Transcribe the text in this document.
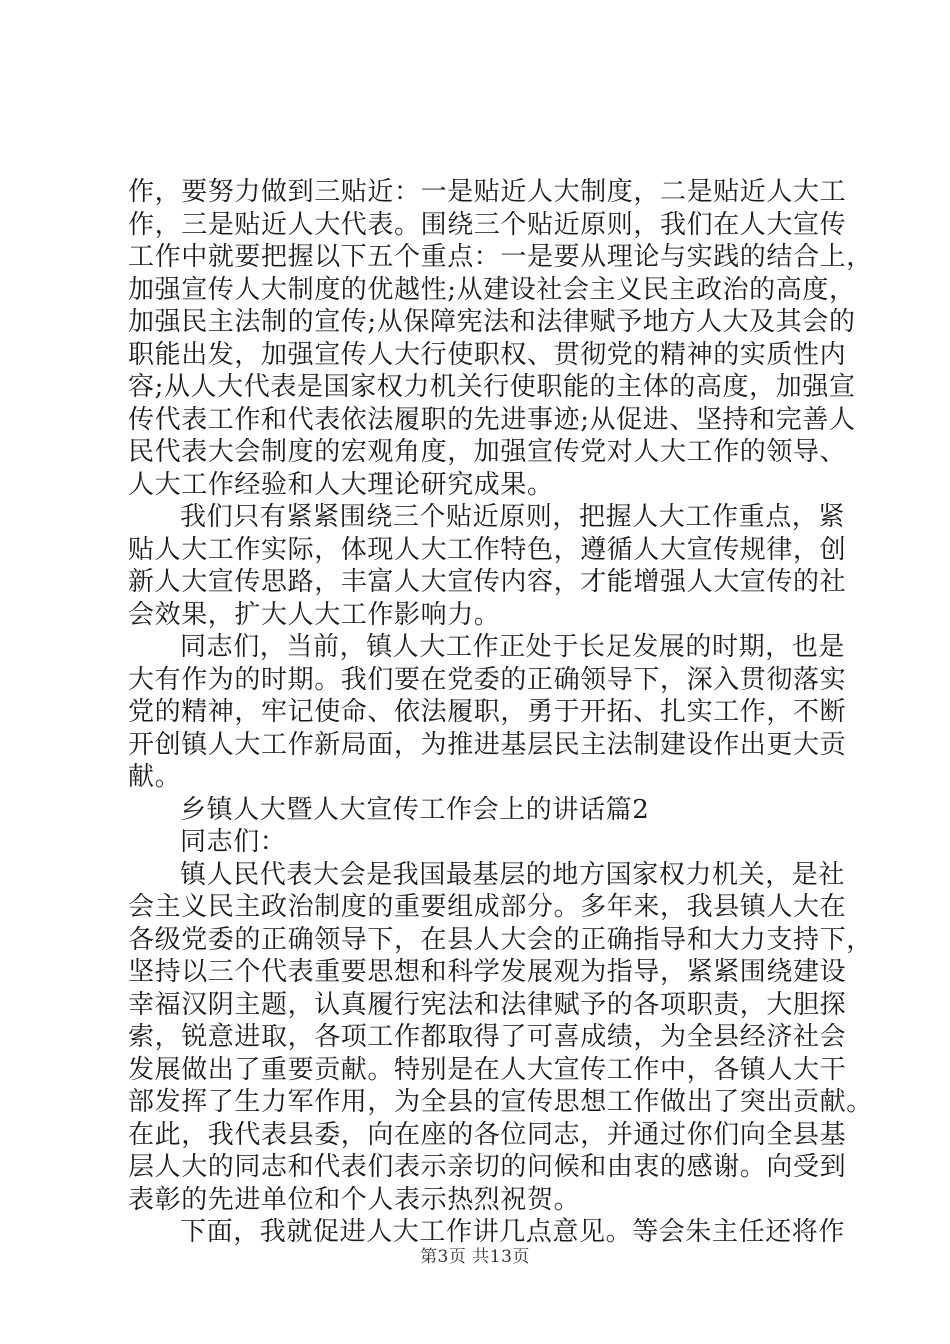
作，要努力做到三贴近：一是贴近人大制度，二是贴近人大工
作，三是贴近人大代表。围绕三个贴近原则，我们在人大宣传
工作中就要把握以下五个重点：一是要从理论与实践的结合上，
加强宣传人大制度的优越性;从建设社会主义民主政治的高度，
加强民主法制的宣传;从保障宪法和法律赋予地方人大及其会的
职能出发，加强宣传人大行使职权、贯彻党的精神的实质性内
容;从人大代表是国家权力机关行使职能的主体的高度，加强宣
传代表工作和代表依法履职的先进事迹;从促进、坚持和完善人
民代表大会制度的宏观角度，加强宣传党对人大工作的领导、
人大工作经验和人大理论研究成果。
我们只有紧紧围绕三个贴近原则，把握人大工作重点，紧
贴人大工作实际，体现人大工作特色，遵循人大宣传规律，创
新人大宣传思路，丰富人大宣传内容，才能增强人大宣传的社
会效果，扩大人大工作影响力。
同志们，当前，镇人大工作正处于长足发展的时期，也是
大有作为的时期。我们要在党委的正确领导下，深入贯彻落实
党的精神，牢记使命、依法履职，勇于开拓、扎实工作，不断
开创镇人大工作新局面，为推进基层民主法制建设作出更大贡
献。
乡镇人大暨人大宣传工作会上的讲话篇2
同志们：
镇人民代表大会是我国最基层的地方国家权力机关，是社
会主义民主政治制度的重要组成部分。多年来，我县镇人大在
各级党委的正确领导下，在县人大会的正确指导和大力支持下，
坚持以三个代表重要思想和科学发展观为指导，紧紧围绕建设
幸福汉阴主题，认真履行宪法和法律赋予的各项职责，大胆探
索，锐意进取，各项工作都取得了可喜成绩，为全县经济社会
发展做出了重要贡献。特别是在人大宣传工作中，各镇人大干
部发挥了生力军作用，为全县的宣传思想工作做出了突出贡献。
在此，我代表县委，向在座的各位同志，并通过你们向全县基
层人大的同志和代表们表示亲切的问候和由衷的感谢。向受到
表彰的先进单位和个人表示热烈祝贺。
下面，我就促进人大工作讲几点意见。等会朱主任还将作
第3页 共13页
